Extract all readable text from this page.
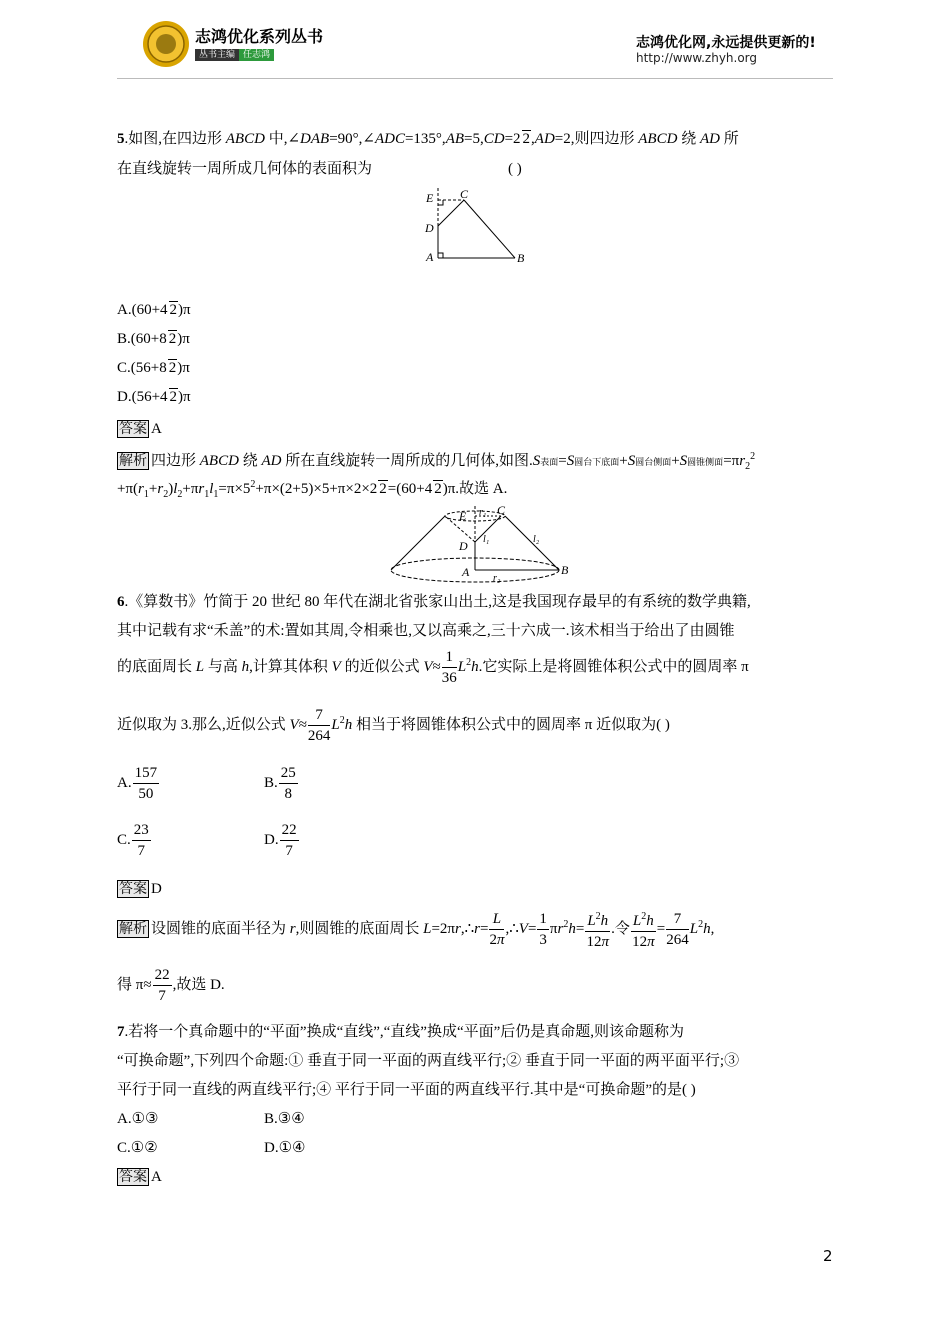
志鸿优化系列丛书
丛书主编 任志鸿
志鸿优化网,永远提供更新的!
http://www.zhyh.org
5.如图,在四边形 ABCD 中,∠DAB=90°,∠ADC=135°,AB=5,CD=2 2,AD=2,则四边形 ABCD 绕 AD 所
在直线旋转一周所成几何体的表面积为	( )
E C
D
A	B
A.(60+4 2)π
B.(60+8 2)π
C.(56+8 2)π
D.(56+4 2)π
答案 A
解析 四边形 ABCD 绕 AD 所在直线旋转一周所成的几何体,如图.S表面=S圆台下底面+S圆台侧面+S圆锥侧面$=\pi r_2^2$
$+\pi(r_1+r_2)l_2+\pi r_1l_1=\pi\times 5^2+\pi\times(2+5)\times 5+\pi\times 2\times 2$ 2=(60+4 2)π.故选 A.
E r₁ C
D l₁	l₂
A r₂
B
6.《算数书》竹简于 20 世纪 80 年代在湖北省张家山出土,这是我国现存最早的有系统的数学典籍,
其中记载有求“禾盖”的术:置如其周,令相乘也,又以高乘之,三十六成一.该术相当于给出了由圆锥
的底面周长 L 与高 h,计算其体积 V 的近似公式 $V\approx \frac{1}{36} L^2h$.它实际上是将圆锥体积公式中的圆周率 π
近似取为 3.那么,近似公式 $V\approx \frac{7}{264} L^2h$ 相当于将圆锥体积公式中的圆周率 π 近似取为( )
A. $\frac{157}{50}$	B. $\frac{25}{8}$
C. $\frac{23}{7}$	D. $\frac{22}{7}$
答案 D
解析 设圆锥的底面半径为 r,则圆锥的底面周长 L=2πr,∴r= $\frac{L}{2\pi}$ ,∴V= $\frac{1}{3} \pi r^2h= \frac{L^2h}{12\pi}$ .令 $\frac{L^2h}{12\pi} = \frac{7}{264} L^2h$,
得 $\pi\approx \frac{22}{7}$ ,故选 D.
7.若将一个真命题中的“平面”换成“直线”,“直线”换成“平面”后仍是真命题,则该命题称为
“可换命题”,下列四个命题:① 垂直于同一平面的两直线平行;② 垂直于同一平面的两平面平行;③
平行于同一直线的两直线平行;④ 平行于同一平面的两直线平行.其中是“可换命题”的是( )
A.①③	B.③④
C.①②	D.①④
答案 A
2
